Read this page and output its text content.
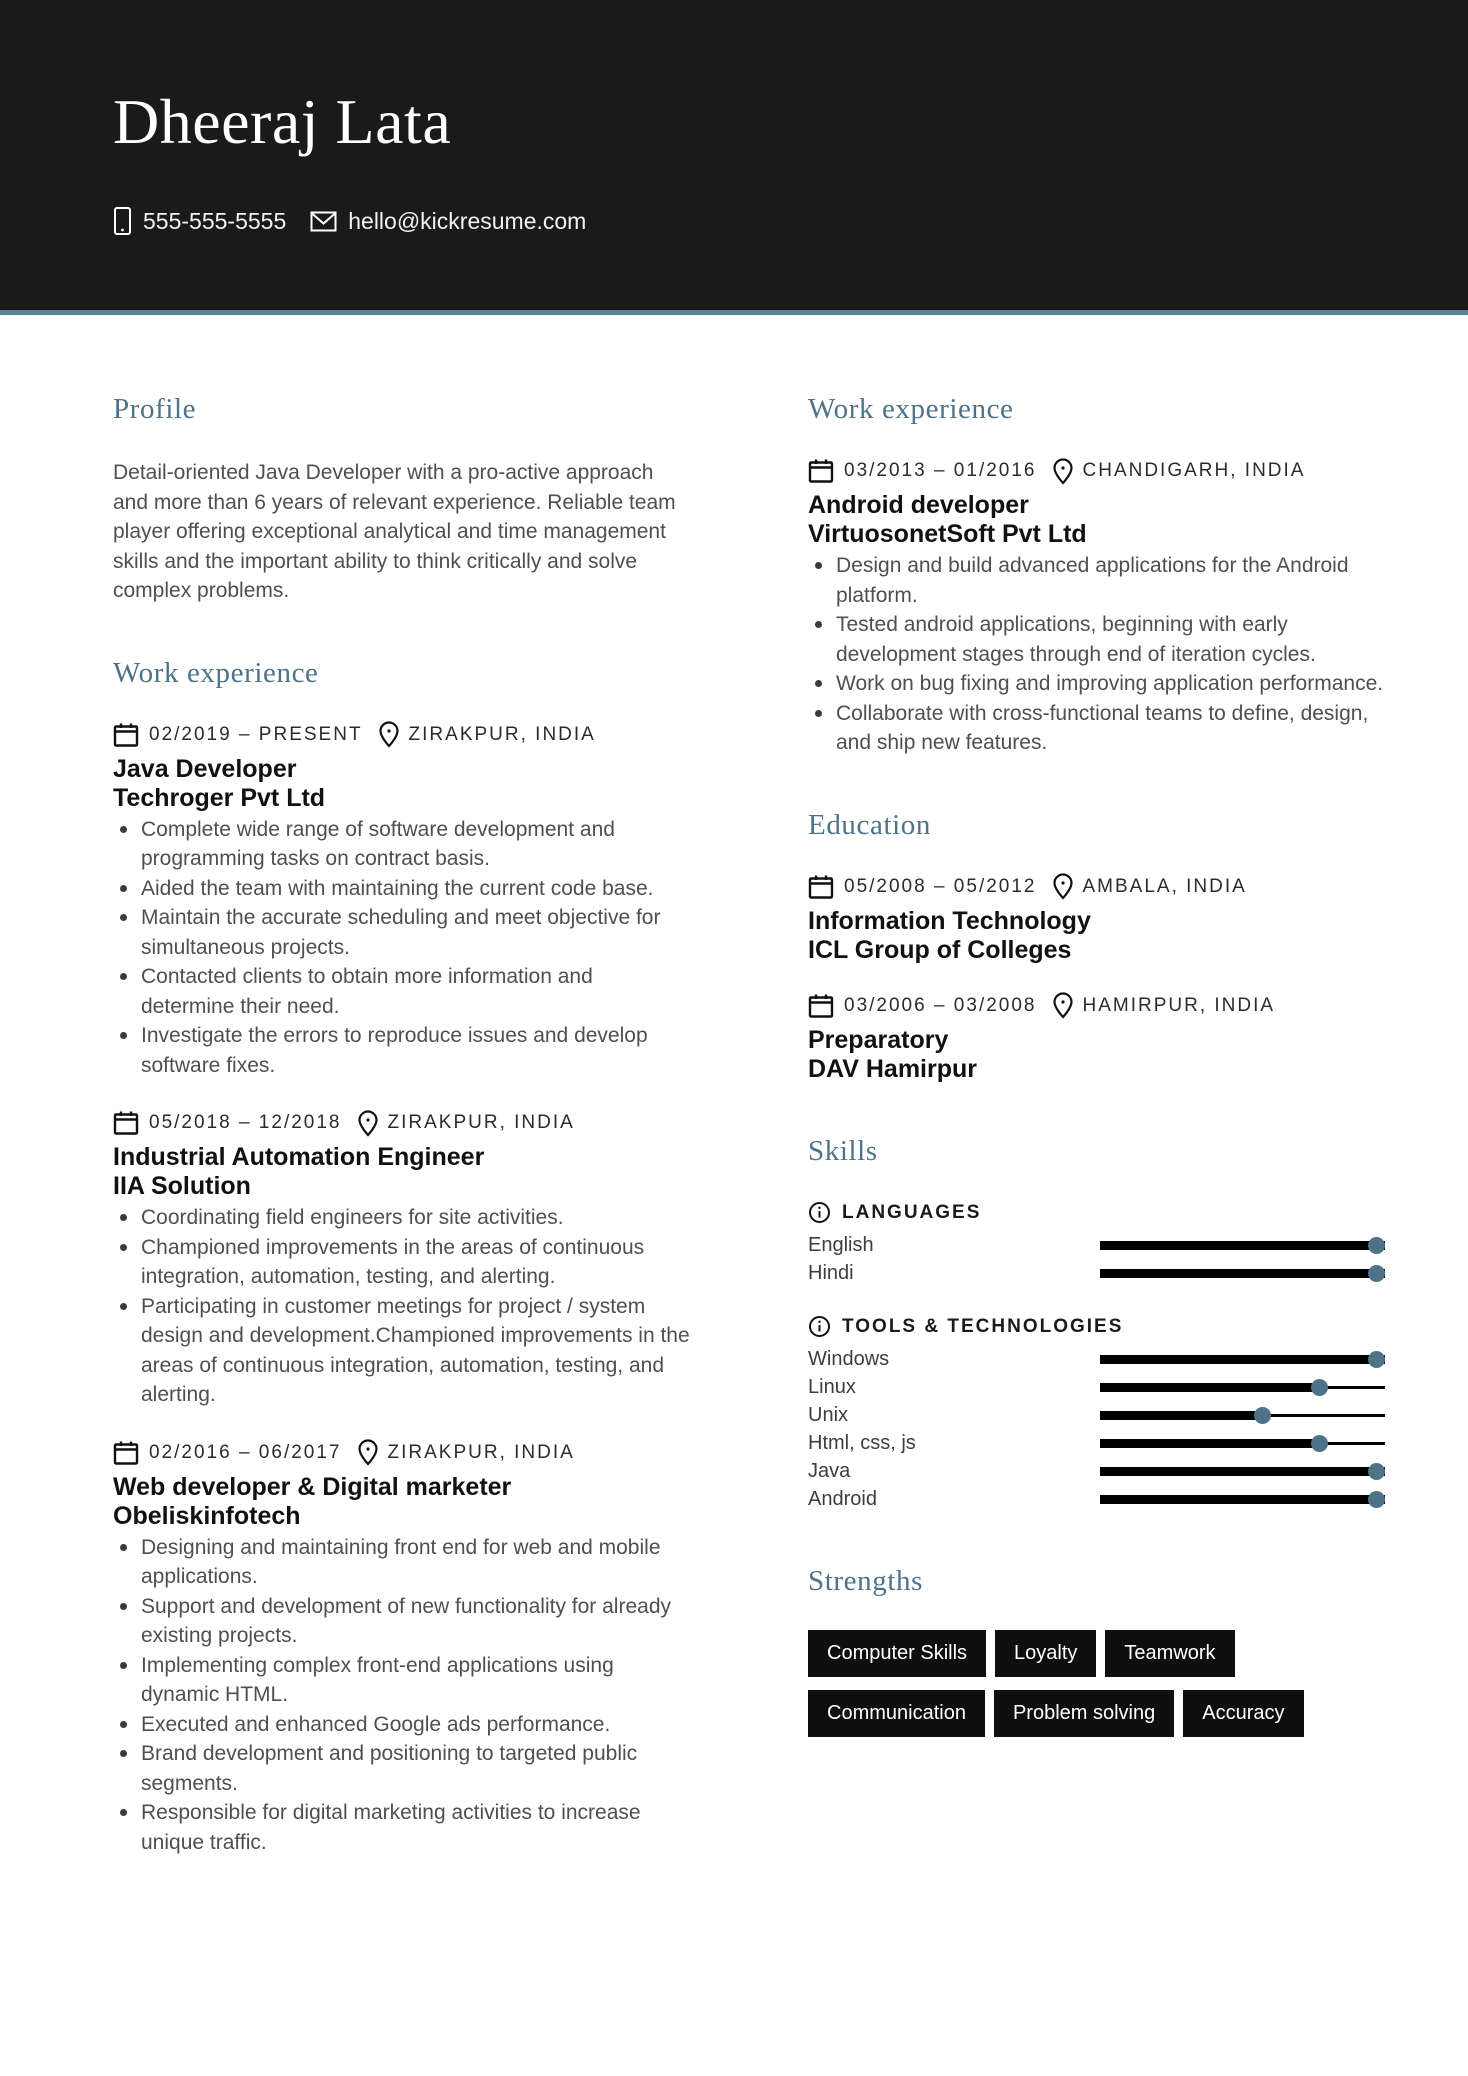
Dheeraj Lata
555-555-5555	hello@kickresume.com
Profile

Detail-oriented Java Developer with a pro-active approach and more than 6 years of relevant experience. Reliable team player offering exceptional analytical and time management skills and the important ability to think critically and solve complex problems.

Work experience
02/2019 – PRESENT ZIRAKPUR, INDIA
Java Developer
Techroger Pvt Ltd
Complete wide range of software development and programming tasks on contract basis.
Aided the team with maintaining the current code base.
Maintain the accurate scheduling and meet objective for simultaneous projects.
Contacted clients to obtain more information and determine their need.
Investigate the errors to reproduce issues and develop software fixes.
05/2018 – 12/2018 ZIRAKPUR, INDIA
Industrial Automation Engineer
IIA Solution
Coordinating field engineers for site activities.
Championed improvements in the areas of continuous integration, automation, testing, and alerting.
Participating in customer meetings for project / system design and development.Championed improvements in the areas of continuous integration, automation, testing, and alerting.
02/2016 – 06/2017 ZIRAKPUR, INDIA
Web developer & Digital marketer
Obeliskinfotech
Designing and maintaining front end for web and mobile applications.
Support and development of new functionality for already existing projects.
Implementing complex front-end applications using dynamic HTML.
Executed and enhanced Google ads performance.
Brand development and positioning to targeted public segments.
Responsible for digital marketing activities to increase unique traffic.
Work experience
03/2013 – 01/2016 CHANDIGARH, INDIA
Android developer
VirtuosonetSoft Pvt Ltd
Design and build advanced applications for the Android platform.
Tested android applications, beginning with early development stages through end of iteration cycles.
Work on bug fixing and improving application performance.
Collaborate with cross-functional teams to define, design, and ship new features.
Education
05/2008 – 05/2012 AMBALA, INDIA
Information Technology
ICL Group of Colleges
03/2006 – 03/2008 HAMIRPUR, INDIA
Preparatory
DAV Hamirpur
Skills
LANGUAGES
English
Hindi
TOOLS & TECHNOLOGIES
Windows
Linux
Unix
Html, css, js
Java
Android
Strengths
Computer Skills	Loyalty	Teamwork
Communication	Problem solving	Accuracy
